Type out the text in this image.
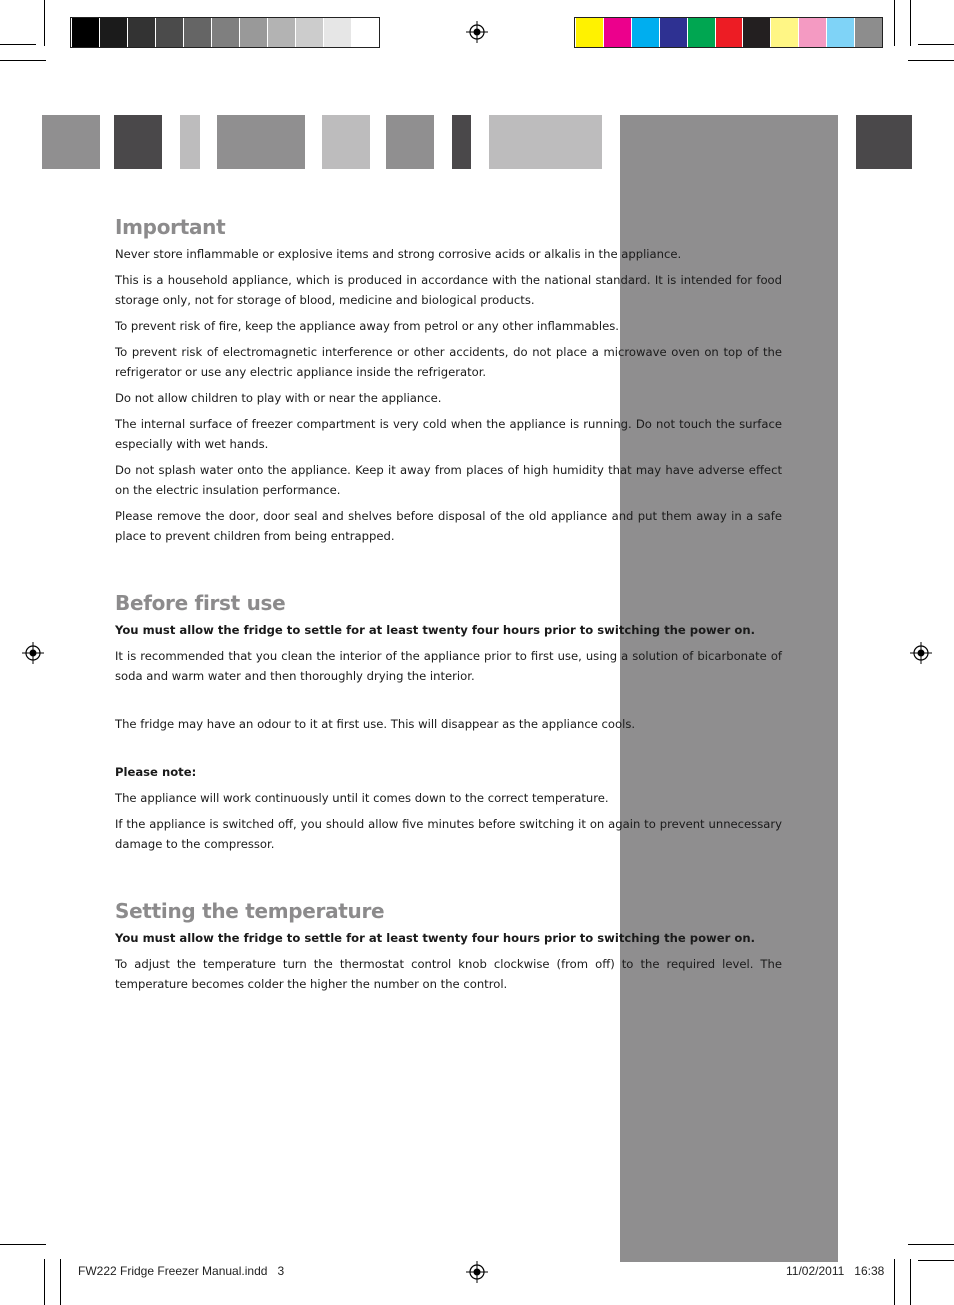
Important

Never store inflammable or explosive items and strong corrosive acids or alkalis in the appliance.

This is a household appliance, which is produced in accordance with the national standard. It is intended for food storage only, not for storage of blood, medicine and biological products.

To prevent risk of fire, keep the appliance away from petrol or any other inflammables.

To prevent risk of electromagnetic interference or other accidents, do not place a microwave oven on top of the refrigerator or use any electric appliance inside the refrigerator.

Do not allow children to play with or near the appliance.

The internal surface of freezer compartment is very cold when the appliance is running. Do not touch the surface especially with wet hands.

Do not splash water onto the appliance. Keep it away from places of high humidity that may have adverse effect on the electric insulation performance.

Please remove the door, door seal and shelves before disposal of the old appliance and put them away in a safe place to prevent children from being entrapped.

Before first use

You must allow the fridge to settle for at least twenty four hours prior to switching the power on.

It is recommended that you clean the interior of the appliance prior to first use, using a solution of bicarbonate of soda and warm water and then thoroughly drying the interior.

The fridge may have an odour to it at first use. This will disappear as the appliance cools.

Please note:

The appliance will work continuously until it comes down to the correct temperature.

If the appliance is switched off, you should allow five minutes before switching it on again to prevent unnecessary damage to the compressor.

Setting the temperature

You must allow the fridge to settle for at least twenty four hours prior to switching the power on.

To adjust the temperature turn the thermostat control knob clockwise (from off) to the required level. The temperature becomes colder the higher the number on the control.

FW222 Fridge Freezer Manual.indd 3	11/02/2011 16:38
